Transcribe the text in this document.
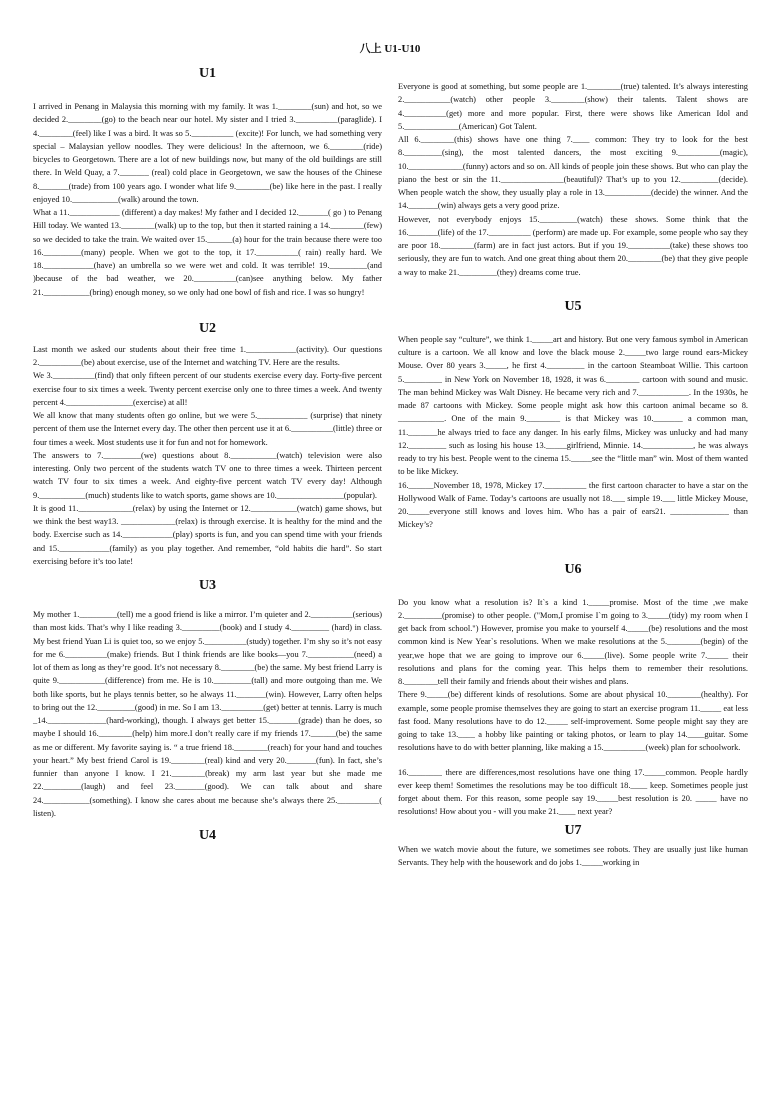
八上 U1-U10
U1

I arrived in Penang in Malaysia this morning with my family. It was 1.________(sun) and hot, so we decided 2.________(go) to the beach near our hotel. My sister and I tried 3.__________(paraglide). I 4.________(feel) like I was a bird. It was so 5.__________ (excite)! For lunch, we had something very special – Malaysian yellow noodles. They were delicious! In the afternoon, we 6.________(ride) bicycles to Georgetown. There are a lot of new buildings now, but many of the old buildings are still there. In Weld Quay, a 7._______ (real) cold place in Georgetown, we saw the houses of the Chinese 8._______(trade) from 100 years ago. I wonder what life 9.________(be) like here in the past. I really enjoyed 10.___________(walk) around the town.

What a 11.____________ (different) a day makes! My father and I decided 12._______( go ) to Penang Hill today. We wanted 13.________(walk) up to the top, but then it started raining a 14.________(few) so we decided to take the train. We waited over 15.______(a) hour for the train because there were too 16._________(many) people. When we got to the top, it 17.__________( rain) really hard. We 18.____________(have) an umbrella so we were wet and cold. It was terrible! 19._________(and )because of the bad weather, we 20.__________(can)see anything below. My father 21.___________(bring) enough money, so we only had one bowl of fish and rice. I was so hungry!

U2

Last month we asked our students about their free time 1.____________(activity). Our questions 2.__________(be) about exercise, use of the Internet and watching TV. Here are the results.

We 3.__________(find) that only fifteen percent of our students exercise every day. Forty-five percent exercise four to six times a week. Twenty percent exercise only one to three times a week. And twenty percent 4.________________(exercise) at all!

We all know that many students often go online, but we were 5.____________ (surprise) that ninety percent of them use the Internet every day. The other then percent use it at 6.__________(little) three or four times a week. Most students use it for fun and not for homework.

The answers to 7._________(we) questions about 8.___________(watch) television were also interesting. Only two percent of the students watch TV one to three times a week. Thirteen percent watch TV four to six times a week. And eighty-five percent watch TV every day! Although 9.___________(much) students like to watch sports, game shows are 10.________________(popular).

It is good 11._____________(relax) by using the Internet or 12.___________(watch) game shows, but we think the best way13. _____________(relax) is through exercise. It is healthy for the mind and the body. Exercise such as 14.____________(play) sports is fun, and you can spend time with your friends and 15.____________(family) as you play together. And remember, “old habits die hard”. So start exercising before it’s too late!

U3

My mother 1._________(tell) me a good friend is like a mirror. I’m quieter and 2.__________(serious) than most kids. That’s why I like reading 3._________(book) and I study 4._________ (hard) in class. My best friend Yuan Li is quiet too, so we enjoy 5.__________(study) together. I’m shy so it’s not easy for me 6.__________(make) friends. But I think friends are like books—you 7.___________(need) a lot of them as long as they’re good. It’s not necessary 8.________(be) the same. My best friend Larry is quite 9.___________(difference) from me. He is 10._________(tall) and more outgoing than me. We both like sports, but he plays tennis better, so he always 11._______(win). However, Larry often helps to bring out the 12._________(good) in me. So I am 13.__________(get) better at tennis. Larry is much _14.______________(hard-working), though. I always get better 15._______(grade) than he does, so maybe I should 16.________(help) him more.I don’t really care if my friends 17.______(be) the same as me or different. My favorite saying is. “ a true friend 18.________(reach) for your hand and touches your heart.” My best friend Carol is 19.________(real) kind and very 20._______(fun). In fact, she’s funnier than anyone I know. I 21.________(break) my arm last year but she made me 22._________(laugh) and feel 23._______(good). We can talk about and share 24.___________(something). I know she cares about me because she’s always there 25.__________( listen).

U4

Everyone is good at something, but some people are 1.________(true) talented. It’s always interesting 2.___________(watch) other people 3.________(show) their talents. Talent shows are 4.__________(get) more and more popular. First, there were shows like American Idol and 5._____________(American) Got Talent.

All 6.________(this) shows have one thing 7.____ common: They try to look for the best 8._________(sing), the most talented dancers, the most exciting 9.__________(magic), 10._____________(funny) actors and so on. All kinds of people join these shows. But who can play the piano the best or sin the 11._______________(beautiful)? That’s up to you 12._________(decide). When people watch the show, they usually play a role in 13.___________(decide) the winner. And the 14._______(win) always gets a very good prize.

However, not everybody enjoys 15._________(watch) these shows. Some think that the 16._______(life) of the 17.__________ (perform) are made up. For example, some people who say they are poor 18.________(farm) are in fact just actors. But if you 19.__________(take) these shows too seriously, they are fun to watch. And one great thing about them 20.________(be) that they give people a way to make 21._________(they) dreams come true.

U5

When people say “culture”, we think 1._____art and history. But one very famous symbol in American culture is a cartoon. We all know and love the black mouse 2._____two large round ears-Mickey Mouse. Over 80 years 3._____, he first 4._________ in the cartoon Steamboat Willie. This cartoon 5._________ in New York on November 18, 1928, it was 6.________ cartoon with sound and music. The man behind Mickey was Walt Disney. He became very rich and 7.____________. In the 1930s, he made 87 cartoons with Mickey. Some people might ask how this cartoon animal became so 8. ___________. One of the main 9.________ is that Mickey was 10._______ a common man, 11._______he always tried to face any danger. In his early films, Mickey was unlucky and had many 12._________ such as losing his house 13._____girlfriend, Minnie. 14.____________, he was always ready to try his best. People went to the cinema 15._____see the “little man” win. Most of them wanted to be like Mickey.

16.______November 18, 1978, Mickey 17.__________ the first cartoon character to have a star on the Hollywood Walk of Fame. Today’s cartoons are usually not 18.___ simple 19.___ little Mickey Mouse, 20._____everyone still knows and loves him. Who has a pair of ears21. ______________ than Mickey’s?

U6

Do you know what a resolution is? It`s a kind 1._____promise. Most of the time ,we make 2._________(promise) to other people. ("Mom,I promise I`m going to 3._____(tidy) my room when I get back from school.") However, promise you make to yourself 4._____(be) resolutions and the most common kind is New Year`s resolutions. When we make resolutions at the 5.________(begin) of the year,we hope that we are going to improve our 6._____(live). Some people write 7._____ their resolutions and plans for the coming year. This helps them to remember their resolutions. 8.________tell their family and friends about their wishes and plans.

There 9._____(be) different kinds of resolutions. Some are about physical 10.________(healthy). For example, some people promise themselves they are going to start an exercise program 11._____ eat less fast food. Many resolutions have to do 12._____ self-improvement. Some people might say they are going to take 13.____ a hobby like painting or taking photos, or learn to play 14.____guitar. Some resolutions have to do with better planning, like making a 15.__________(week) plan for schoolwork.

16.________ there are differences,most resolutions have one thing 17._____common. People hardly ever keep them! Sometimes the resolutions may be too difficult 18.____ keep. Sometimes people just forget about them. For this reason, some people say 19._____best resolution is 20. _____ have no resolutions! How about you - will you make 21.____ next year?

U7

When we watch movie about the future, we sometimes see robots. They are usually just like human Servants. They help with the housework and do jobs 1._____working in
